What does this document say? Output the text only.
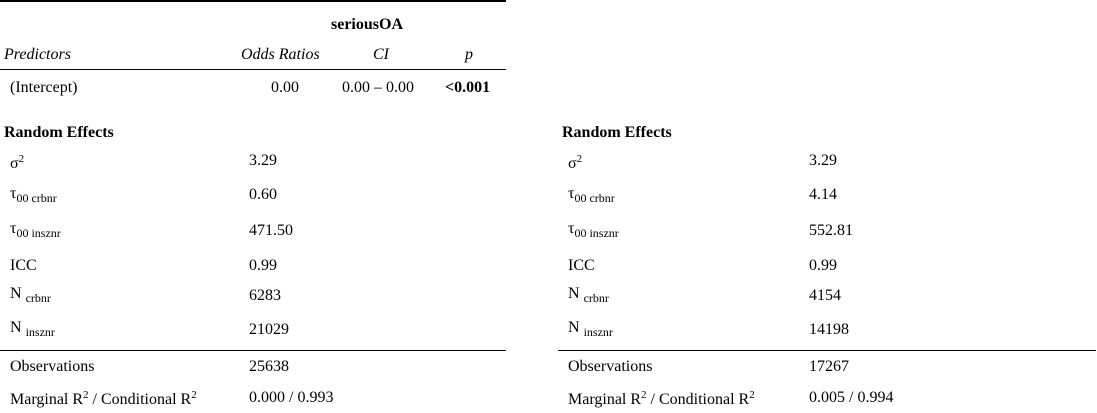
seriousOA
Predictors	Odds Ratios	CI	p
(Intercept)	0.00	0.00 – 0.00 <0.001
Random Effects
$\sigma^2$	3.29
$\tau_{00 crbnr}$	0.60
$\tau_{00 insznr}$	471.50
ICC	0.99
N $_{crbnr}$	6283
N $_{insznr}$	21029
Observations	25638
Marginal $R^2$ / Conditional $R^2$	0.000 / 0.993
Random Effects
$\sigma^2$	3.29
$\tau_{00 crbnr}$	4.14
$\tau_{00 insznr}$	552.81
ICC	0.99
N $_{crbnr}$	4154
N $_{insznr}$	14198
Observations	17267
Marginal $R^2$ / Conditional $R^2$	0.005 / 0.994
